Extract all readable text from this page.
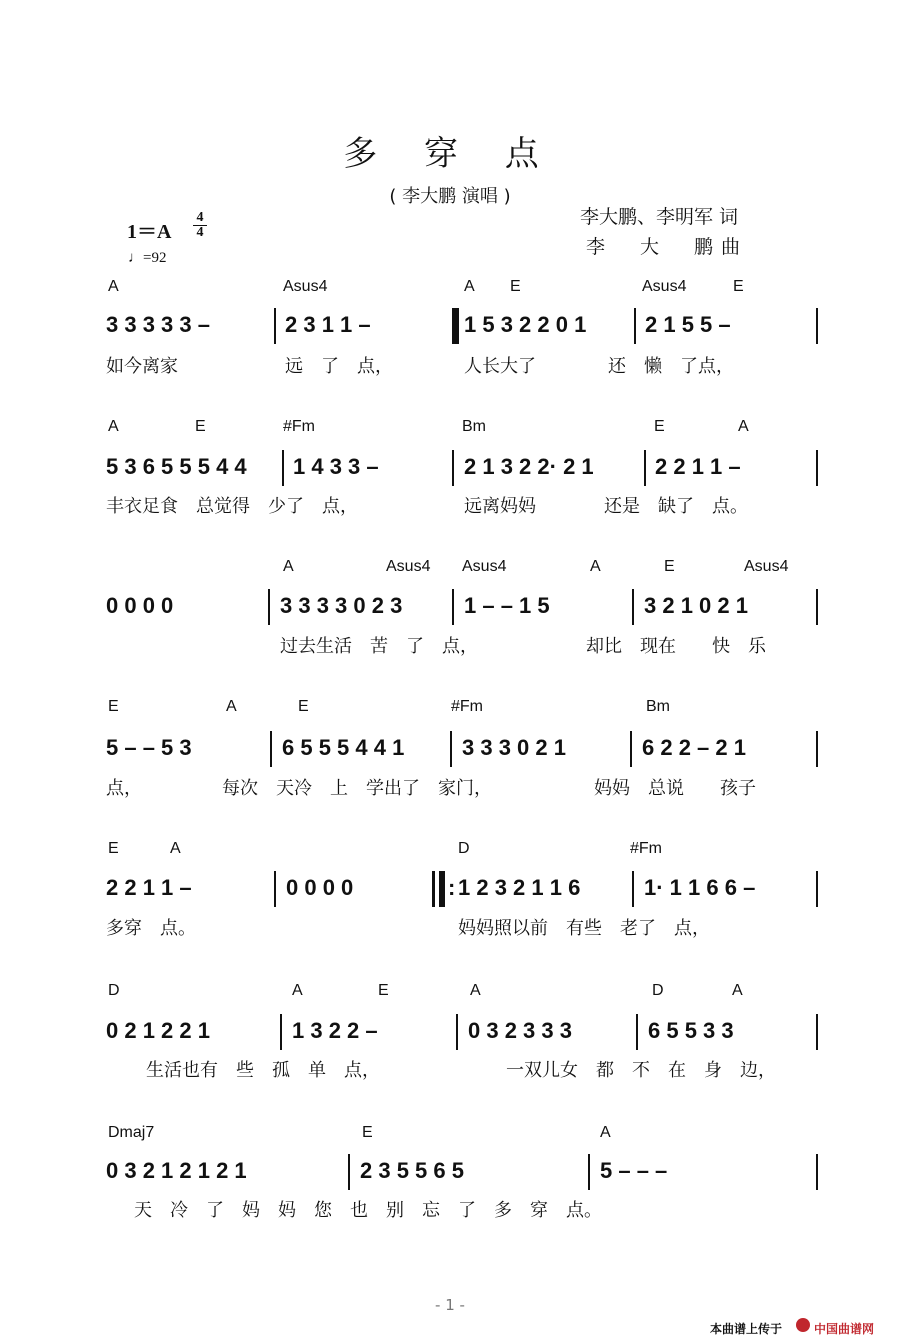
多 穿 点
( 李大鹏 演唱 )
李大鹏、李明军 词
李　大　鹏曲
$1=A \frac{4}{4}$
♩=92
A	Asus4	A E	Asus4	E
3 3 3 3 3 –	2 3 1 1 –	1 5 3 2 2 0 1	2 1 5 5 –
如今离家	远　了　点，	人长大了	还　懒　了点，
A	E	#Fm	Bm	E	A
5 3 6 5 5 5 4 4 1 4 3 3 –	2 1 3 2 2· 2 1	2 2 1 1 –
丰衣足食　总觉得　少了　点，	远离妈妈	还是　缺了　点。
A	Asus4 Asus4	A	E	Asus4
0 0 0 0	3 3 3 3 0 2 3	1 – – 1 5	3 2 1 0 2 1
过去生活　苦　了　点，	却比　现在　　快　乐
E	A	E	#Fm	Bm
5 – – 5 3	6 5 5 5 4 4 1	3 3 3 0 2 1	6 2 2 – 2 1
点，	每次　天冷　上　学出了　家门，	妈妈　总说　　孩子
E	A	D	#Fm
2 2 1 1 –	0 0 0 0	: 1 2 3 2 1 1 6	1· 1 1 6 6 –
多穿　点。	妈妈照以前　有些　老了　点，
D	A	E	A	D	A
0 2 1 2 2 1	1 3 2 2 –	0 3 2 3 3 3	6 5 5 3 3
生活也有　些　孤　单　点，	一双儿女　都　不　在　身　边，
Dmaj7	E	A
0 3 2 1 2 1 2 1	2 3 5 5 6 5	5 – – –
天　冷　了　妈　妈　您　也　别　忘　了　多　穿　点。
- 1 -
本曲谱上传于	中国曲谱网
